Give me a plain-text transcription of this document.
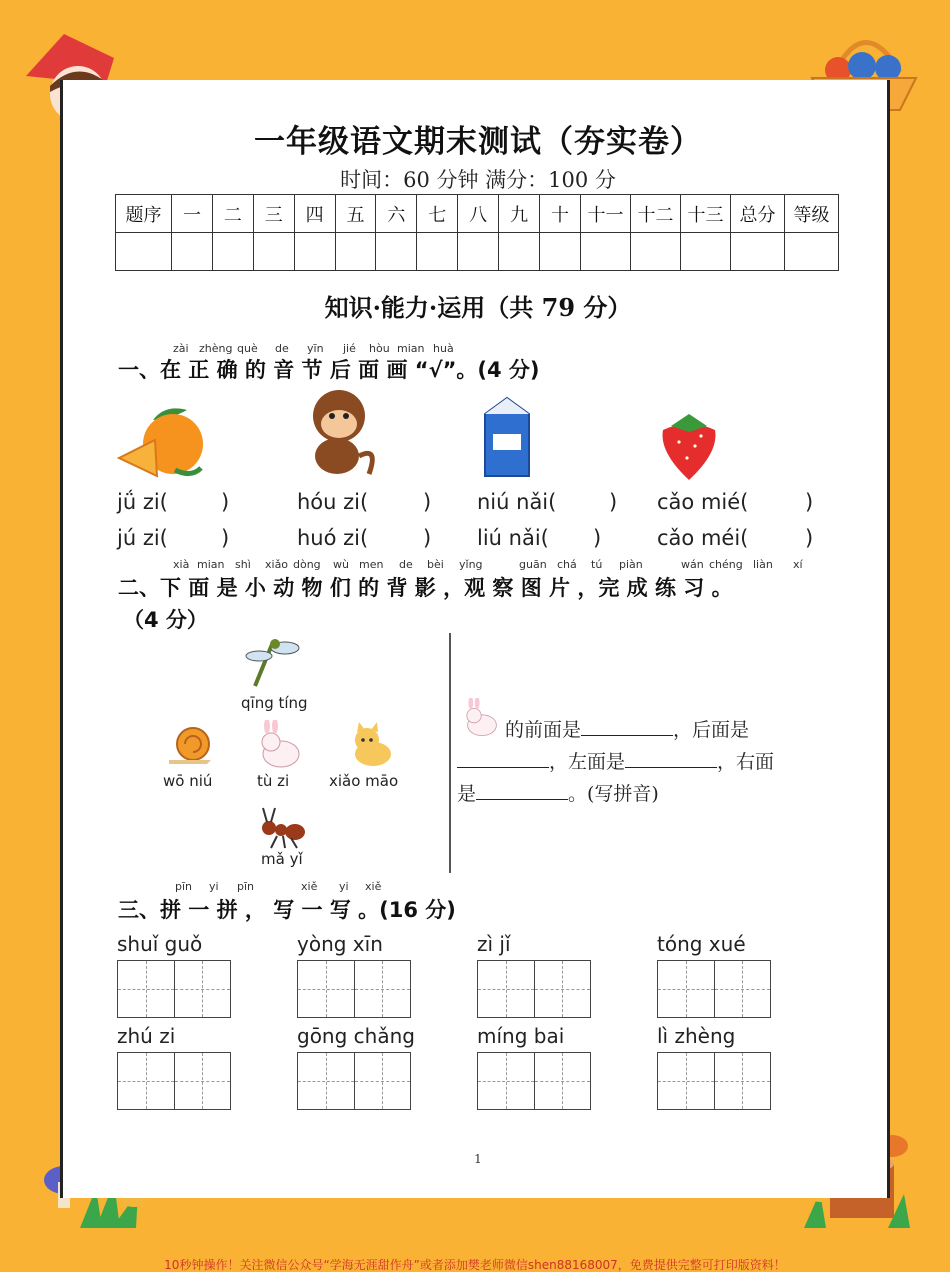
一年级语文期末测试（夯实卷）
时间：60 分钟 满分：100 分
题序	一	二	三	四	五	六	七	八	九	十	十一	十二	十三	总分	等级

知识·能力·运用（共 79 分）
zài zhèng què de yīn jié hòu mian huà
一、在 正 确 的 音 节 后 面 画 “√”。(4 分)
jǘ zi(	)	hóu zi(	) niú nǎi(	) cǎo mié(	)
jú zi(	)	huó zi(	) liú nǎi( )	cǎo méi(	)
xià mian shì xiǎo dòng wù men de bèi yǐng	guān chá tú piàn	wán chéng liàn xí
二、下 面 是 小 动 物 们 的 背 影 ，观 察 图 片 ，完 成 练 习 。
（4 分）
qīng tíng
wō niú	tù zi	xiǎo māo
mǎ yǐ
的前面是	，后面是
，左面是	，右面
是	。(写拼音)
pīn yi pīn	xiě yi xiě
三、拼 一 拼 ， 写 一 写 。(16 分)
shuǐ guǒ	yòng xīn	zì jǐ	tóng xué
zhú zi	gōng chǎng	míng bai	lì zhèng
1
10秒钟操作！关注微信公众号“学海无涯甜作舟”或者添加樊老师微信shen88168007，免费提供完整可打印版资料！
